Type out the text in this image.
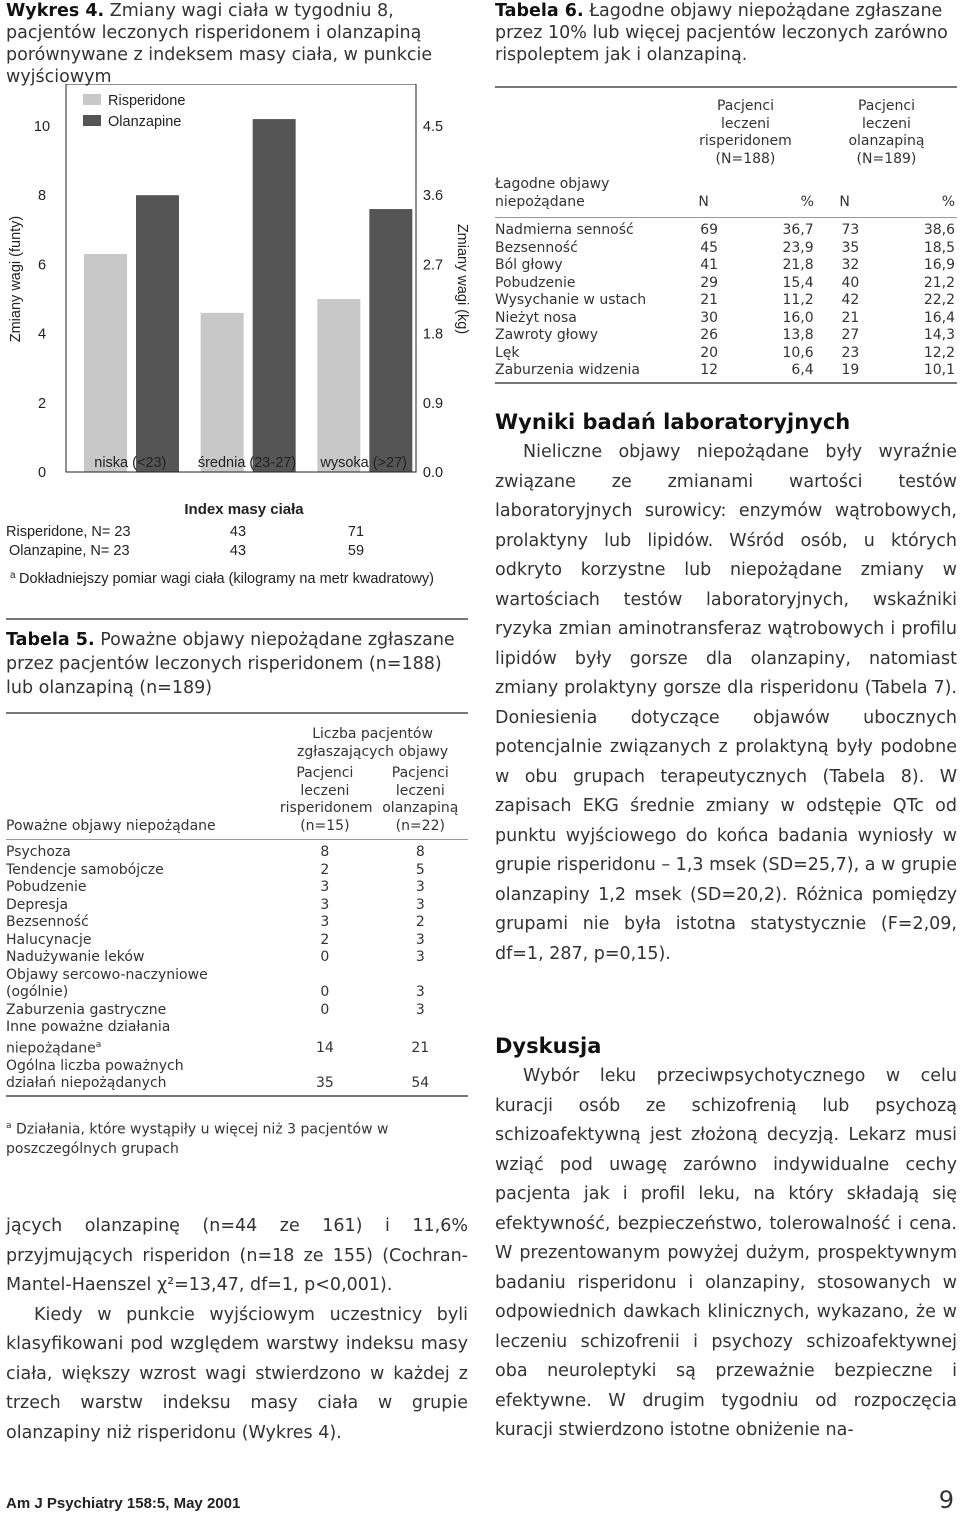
Wykres 4. Zmiany wagi ciała w tygodniu 8, pacjentów leczonych risperidonem i olanzapiną porównywane z indeksem masy ciała, w punkcie wyjściowym
0
2
4
6
8
10
0.0
0.9
1.8
2.7
3.6
4.5
Zmiany wagi (funty)	Zmiany wagi (kg)
niska (<23) średnia (23-27) wysoka (>27)
Risperidone
Olanzapine
Index masy ciała
Risperidone, N= 23	43	71
Olanzapine, N= 23	43	59
a Dokładniejszy pomiar wagi ciała (kilogramy na metr kwadratowy)
Tabela 5. Poważne objawy niepożądane zgłaszane przez pacjentów leczonych risperidonem (n=188) lub olanzapiną (n=189)
	Liczba pacjentów zgłaszających objawy	
Poważne objawy niepożądane	Pacjenci leczeni risperidonem (n=15)	Pacjenci leczeni olanzapiną (n=22)
Psychoza	8	8
Tendencje samobójcze	2	5
Pobudzenie	3	3
Depresja	3	3
Bezsenność	3	2
Halucynacje	2	3
Nadużywanie leków	0	3
Objawy sercowo-naczyniowe		
(ogólnie)	0	3
Zaburzenia gastryczne	0	3
Inne poważne działania		
niepożądane$^a$	14	21
Ogólna liczba poważnych		
działań niepożądanych	35	54
$^a$ Działania, które wystąpiły u więcej niż 3 pacjentów w poszczególnych grupach

jących olanzapinę (n=44 ze 161) i 11,6% przyjmujących risperidon (n=18 ze 155) (Cochran-Mantel-Haenszel χ²=13,47, df=1, p<0,001).

Kiedy w punkcie wyjściowym uczestnicy byli klasyfikowani pod względem warstwy indeksu masy ciała, większy wzrost wagi stwierdzono w każdej z trzech warstw indeksu masy ciała w grupie olanzapiny niż risperidonu (Wykres 4).

Tabela 6. Łagodne objawy niepożądane zgłaszane przez 10% lub więcej pacjentów leczonych zarówno rispoleptem jak i olanzapiną.
	Pacjenci leczeni risperidonem (N=188)		Pacjenci leczeni olanzapiną (N=189)	
Łagodne objawy niepożądane	N	%	N	%
Nadmierna senność	69	36,7	73	38,6
Bezsenność	45	23,9	35	18,5
Ból głowy	41	21,8	32	16,9
Pobudzenie	29	15,4	40	21,2
Wysychanie w ustach	21	11,2	42	22,2
Nieżyt nosa	30	16,0	21	16,4
Zawroty głowy	26	13,8	27	14,3
Lęk	20	10,6	23	12,2
Zaburzenia widzenia	12	6,4	19	10,1
Wyniki badań laboratoryjnych

Nieliczne objawy niepożądane były wyraźnie związane ze zmianami wartości testów laboratoryjnych surowicy: enzymów wątrobowych, prolaktyny lub lipidów. Wśród osób, u których odkryto korzystne lub niepożądane zmiany w wartościach testów laboratoryjnych, wskaźniki ryzyka zmian aminotransferaz wątrobowych i profilu lipidów były gorsze dla olanzapiny, natomiast zmiany prolaktyny gorsze dla risperidonu (Tabela 7). Doniesienia dotyczące objawów ubocznych potencjalnie związanych z prolaktyną były podobne w obu grupach terapeutycznych (Tabela 8). W zapisach EKG średnie zmiany w odstępie QTc od punktu wyjściowego do końca badania wyniosły w grupie risperidonu – 1,3 msek (SD=25,7), a w grupie olanzapiny 1,2 msek (SD=20,2). Różnica pomiędzy grupami nie była istotna statystycznie (F=2,09, df=1, 287, p=0,15).

Dyskusja

Wybór leku przeciwpsychotycznego w celu kuracji osób ze schizofrenią lub psychozą schizoafektywną jest złożoną decyzją. Lekarz musi wziąć pod uwagę zarówno indywidualne cechy pacjenta jak i profil leku, na który składają się efektywność, bezpieczeństwo, tolerowalność i cena. W prezentowanym powyżej dużym, prospektywnym badaniu risperidonu i olanzapiny, stosowanych w odpowiednich dawkach klinicznych, wykazano, że w leczeniu schizofrenii i psychozy schizoafektywnej oba neuroleptyki są przeważnie bezpieczne i efektywne. W drugim tygodniu od rozpoczęcia kuracji stwierdzono istotne obniżenie na-

Am J Psychiatry 158:5, May 2001	9
